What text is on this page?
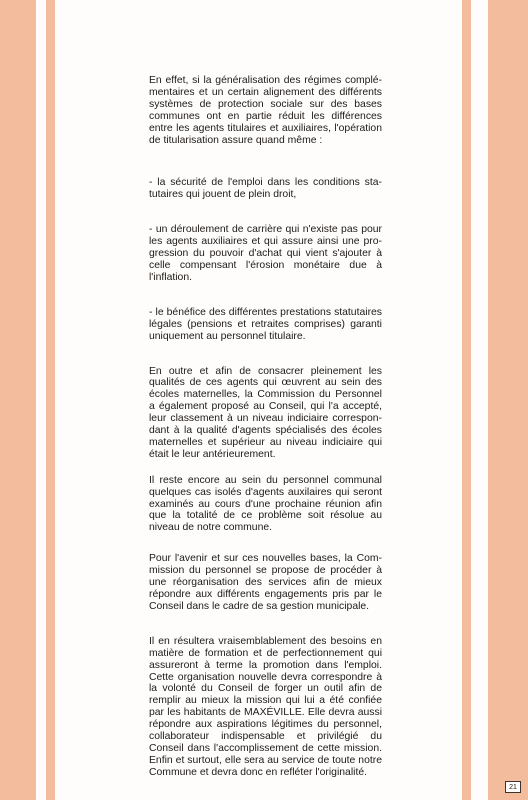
En effet, si la généralisation des régimes complémentaires et un certain alignement des différents systèmes de protection sociale sur des bases communes ont en partie réduit les différences entre les agents titulaires et auxiliaires, l'opération de titularisation assure quand même :

- la sécurité de l'emploi dans les conditions statutaires qui jouent de plein droit,

- un déroulement de carrière qui n'existe pas pour les agents auxiliaires et qui assure ainsi une progression du pouvoir d'achat qui vient s'ajouter à celle compensant l'érosion monétaire due à l'inflation.

- le bénéfice des différentes prestations statutaires légales (pensions et retraites comprises) garanti uniquement au personnel titulaire.

En outre et afin de consacrer pleinement les qualités de ces agents qui œuvrent au sein des écoles maternelles, la Commission du Personnel a également proposé au Conseil, qui l'a accepté, leur classement à un niveau indiciaire correspondant à la qualité d'agents spécialisés des écoles maternelles et supérieur au niveau indiciaire qui était le leur antérieurement.

Il reste encore au sein du personnel communal quelques cas isolés d'agents auxilaires qui seront examinés au cours d'une prochaine réunion afin que la totalité de ce problème soit résolue au niveau de notre commune.

Pour l'avenir et sur ces nouvelles bases, la Commission du personnel se propose de procéder à une réorganisation des services afin de mieux répondre aux différents engagements pris par le Conseil dans le cadre de sa gestion municipale.

Il en résultera vraisemblablement des besoins en matière de formation et de perfectionnement qui assureront à terme la promotion dans l'emploi. Cette organisation nouvelle devra correspondre à la volonté du Conseil de forger un outil afin de remplir au mieux la mission qui lui a été confiée par les habitants de MAXÉVILLE. Elle devra aussi répondre aux aspirations légitimes du personnel, collaborateur indispensable et privilégié du Conseil dans l'accomplissement de cette mission. Enfin et surtout, elle sera au service de toute notre Commune et devra donc en refléter l'originalité.

21
